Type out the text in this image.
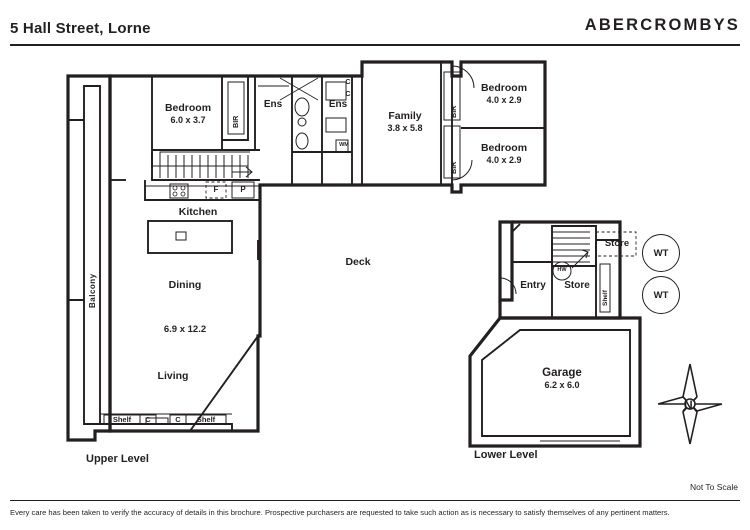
5 Hall Street, Lorne	ABERCROMBYS
Bedroom
6.0 x 3.7
Bedroom
4.0 x 2.9
Bedroom
4.0 x 2.9
Family
3.8 x 5.8
Kitchen
Dining
6.9 x 12.2
Living
Deck
BIR
BIR
BIR
Ens	Ens
C
C
WM
F	P
Shelf	C	C	Shelf
Balcony
Garage
6.2 x 6.0
Entry	Store
Store
Shelf
HW
WT
WT
N
Upper Level	Lower Level
Not To Scale
Every care has been taken to verify the accuracy of details in this brochure. Prospective purchasers are requested to take such action as is necessary to satisfy themselves of any pertinent matters.
